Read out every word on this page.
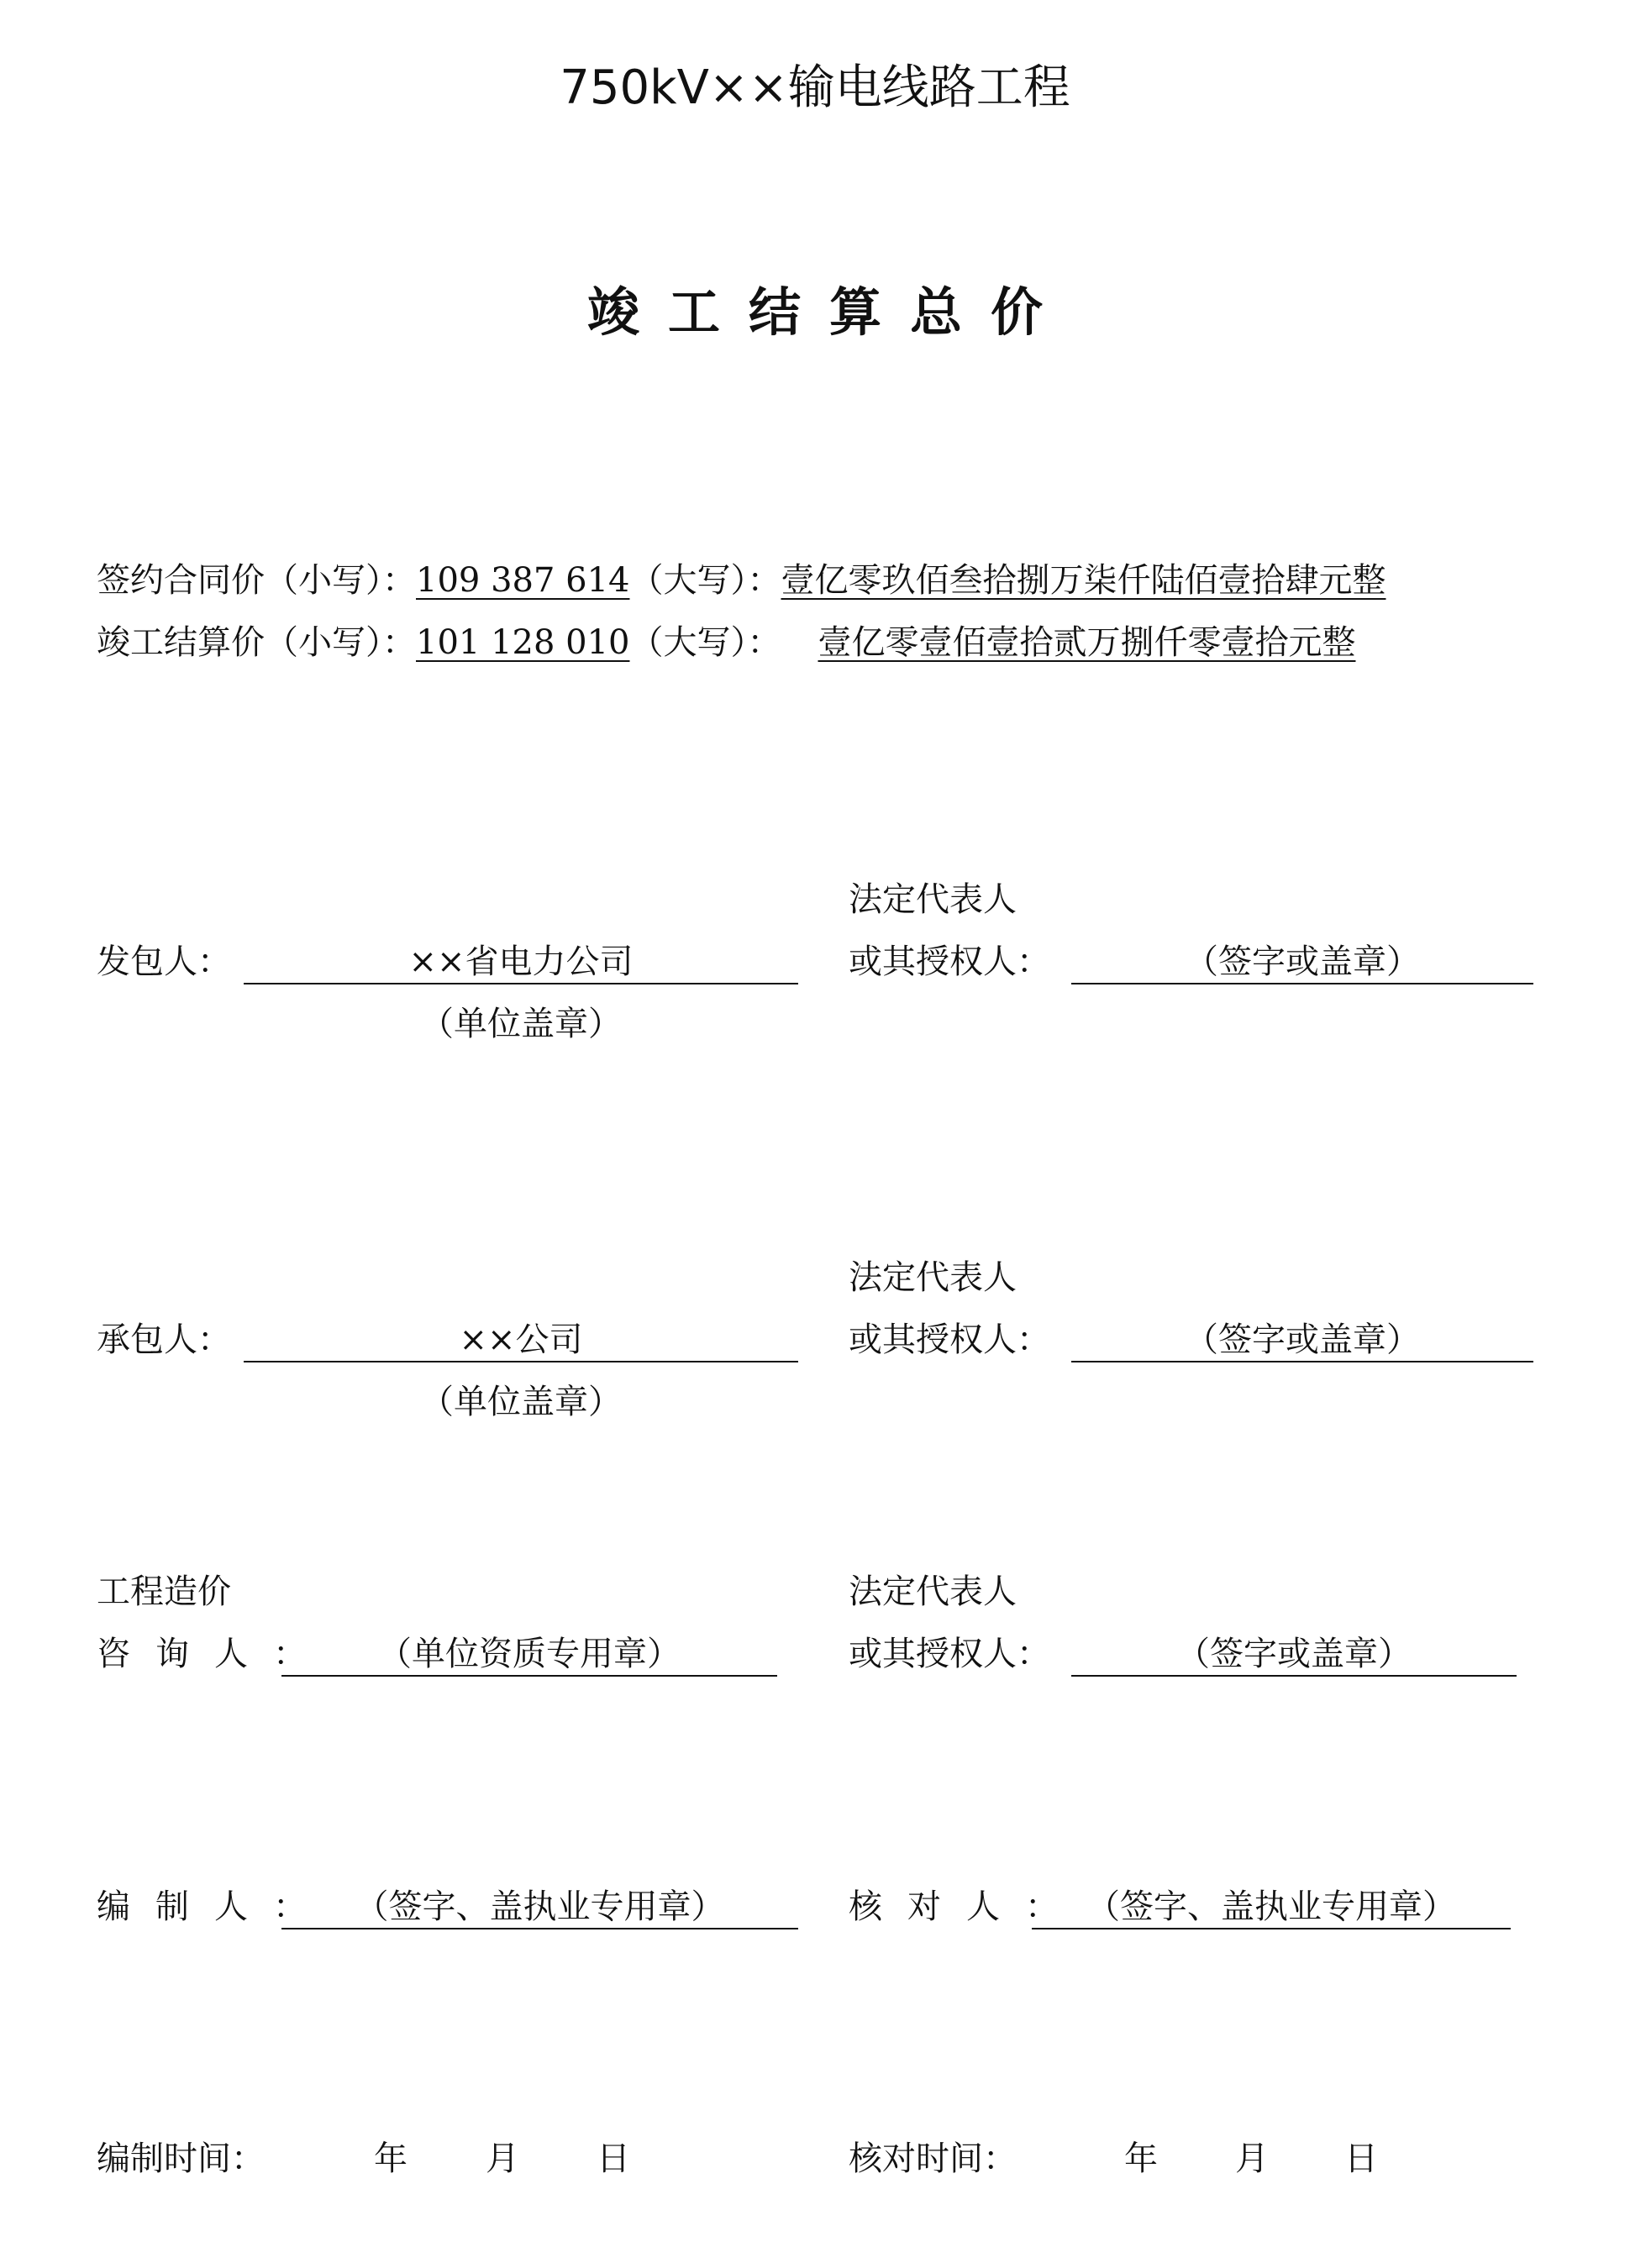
750kV××输电线路工程
竣工结算总价
签约合同价（小写）：109 387 614（大写）：壹亿零玖佰叁拾捌万柒仟陆佰壹拾肆元整
竣工结算价（小写）：101 128 010（大写）： 壹亿零壹佰壹拾贰万捌仟零壹拾元整
发包人：	××省电力公司
（单位盖章）
法定代表人
或其授权人：	（签字或盖章）
承包人：	××公司
（单位盖章）
法定代表人
或其授权人：	（签字或盖章）
工程造价
咨询人：	（单位资质专用章）
法定代表人
或其授权人：	（签字或盖章）
编制人： （签字、盖执业专用章）	核对人： （签字、盖执业专用章）
编制时间：	年 月 日	核对时间：	年 月 日
